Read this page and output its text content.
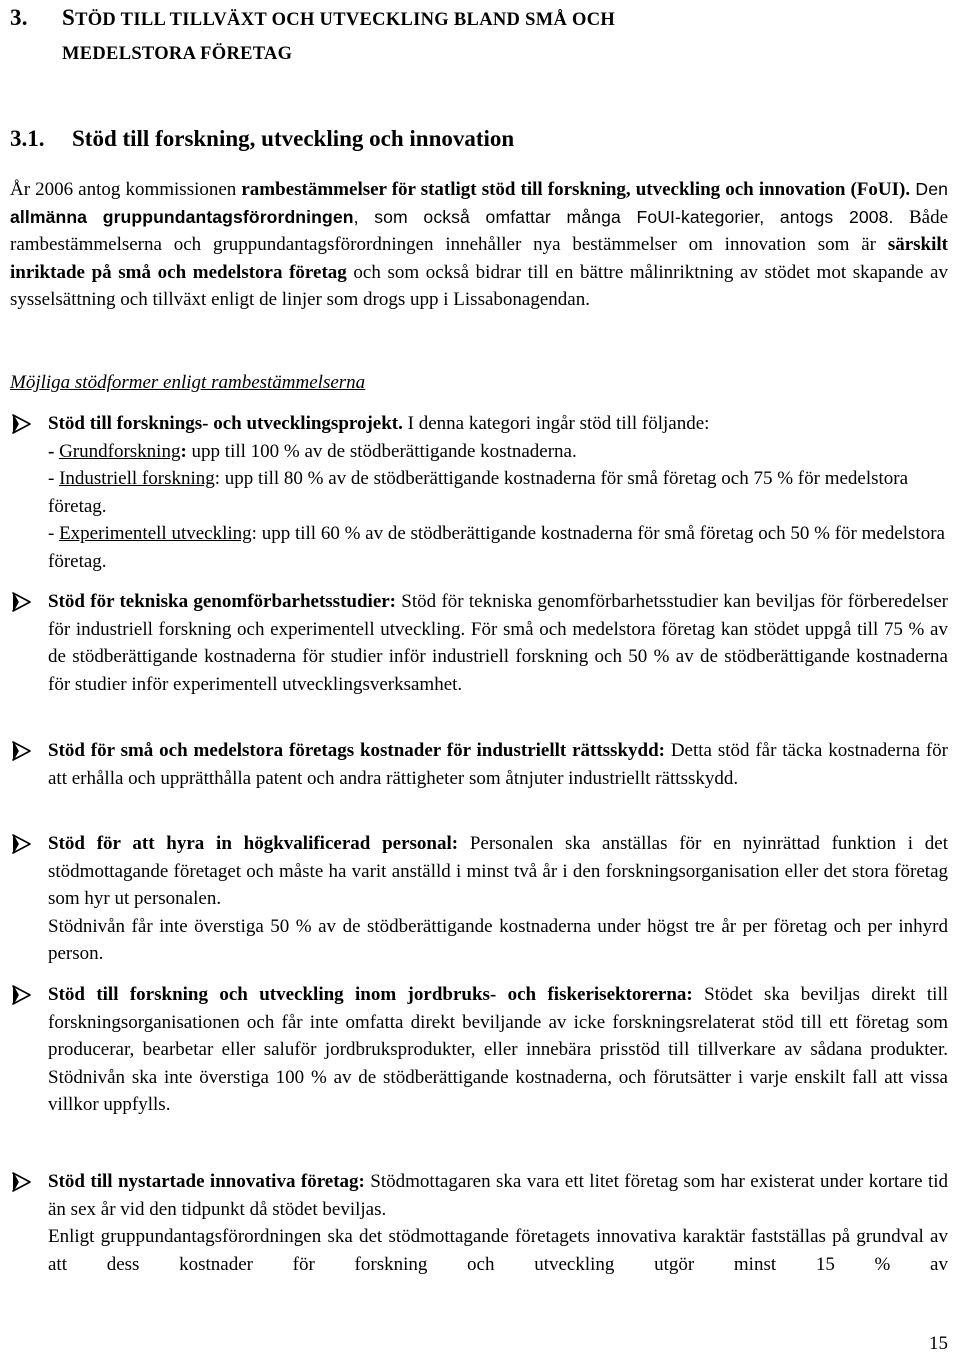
3. STÖD TILL TILLVÄXT OCH UTVECKLING BLAND SMÅ OCH
MEDELSTORA FÖRETAG
3.1. Stöd till forskning, utveckling och innovation
År 2006 antog kommissionen rambestämmelser för statligt stöd till forskning, utveckling och innovation (FoUI). Den allmänna gruppundantagsförordningen, som också omfattar många FoUI-kategorier, antogs 2008. Både rambestämmelserna och gruppundantagsförordningen innehåller nya bestämmelser om innovation som är särskilt inriktade på små och medelstora företag och som också bidrar till en bättre målinriktning av stödet mot skapande av sysselsättning och tillväxt enligt de linjer som drogs upp i Lissabonagendan.
Möjliga stödformer enligt rambestämmelserna

Stöd till forsknings- och utvecklingsprojekt. I denna kategori ingår stöd till följande:

- Grundforskning: upp till 100 % av de stödberättigande kostnaderna.

- Industriell forskning: upp till 80 % av de stödberättigande kostnaderna för små företag och 75 % för medelstora företag.

- Experimentell utveckling: upp till 60 % av de stödberättigande kostnaderna för små företag och 50 % för medelstora företag.

Stöd för tekniska genomförbarhetsstudier: Stöd för tekniska genomförbarhetsstudier kan beviljas för förberedelser för industriell forskning och experimentell utveckling. För små och medelstora företag kan stödet uppgå till 75 % av de stödberättigande kostnaderna för studier inför industriell forskning och 50 % av de stödberättigande kostnaderna för studier inför experimentell utvecklingsverksamhet.

Stöd för små och medelstora företags kostnader för industriellt rättsskydd: Detta stöd får täcka kostnaderna för att erhålla och upprätthålla patent och andra rättigheter som åtnjuter industriellt rättsskydd.

Stöd för att hyra in högkvalificerad personal: Personalen ska anställas för en nyinrättad funktion i det stödmottagande företaget och måste ha varit anställd i minst två år i den forskningsorganisation eller det stora företag som hyr ut personalen.

Stödnivån får inte överstiga 50 % av de stödberättigande kostnaderna under högst tre år per företag och per inhyrd person.

Stöd till forskning och utveckling inom jordbruks- och fiskerisektorerna: Stödet ska beviljas direkt till forskningsorganisationen och får inte omfatta direkt beviljande av icke forskningsrelaterat stöd till ett företag som producerar, bearbetar eller saluför jordbruksprodukter, eller innebära prisstöd till tillverkare av sådana produkter. Stödnivån ska inte överstiga 100 % av de stödberättigande kostnaderna, och förutsätter i varje enskilt fall att vissa villkor uppfylls.

Stöd till nystartade innovativa företag: Stödmottagaren ska vara ett litet företag som har existerat under kortare tid än sex år vid den tidpunkt då stödet beviljas.

Enligt gruppundantagsförordningen ska det stödmottagande företagets innovativa karaktär fastställas på grundval av att dess kostnader för forskning och utveckling utgör minst 15 % av

15
